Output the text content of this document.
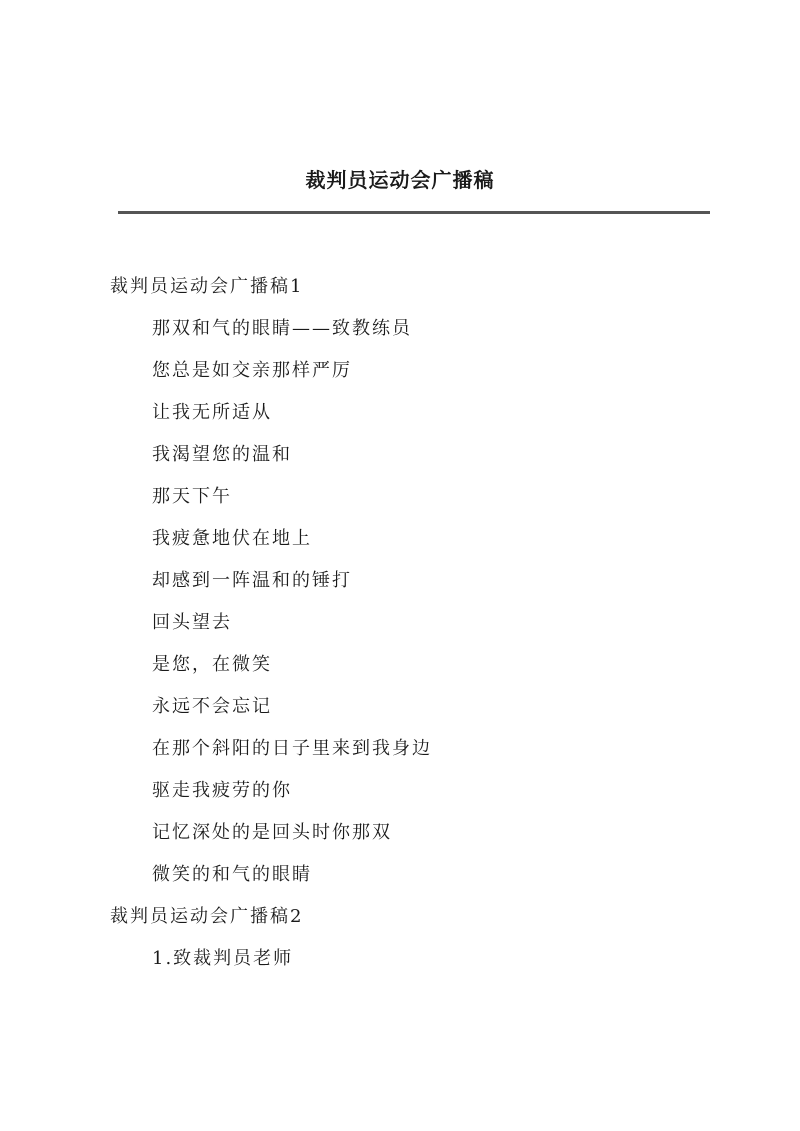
裁判员运动会广播稿
裁判员运动会广播稿1
那双和气的眼睛——致教练员
您总是如交亲那样严厉
让我无所适从
我渴望您的温和
那天下午
我疲惫地伏在地上
却感到一阵温和的锤打
回头望去
是您，在微笑
永远不会忘记
在那个斜阳的日子里来到我身边
驱走我疲劳的你
记忆深处的是回头时你那双
微笑的和气的眼睛
裁判员运动会广播稿2
1.致裁判员老师
